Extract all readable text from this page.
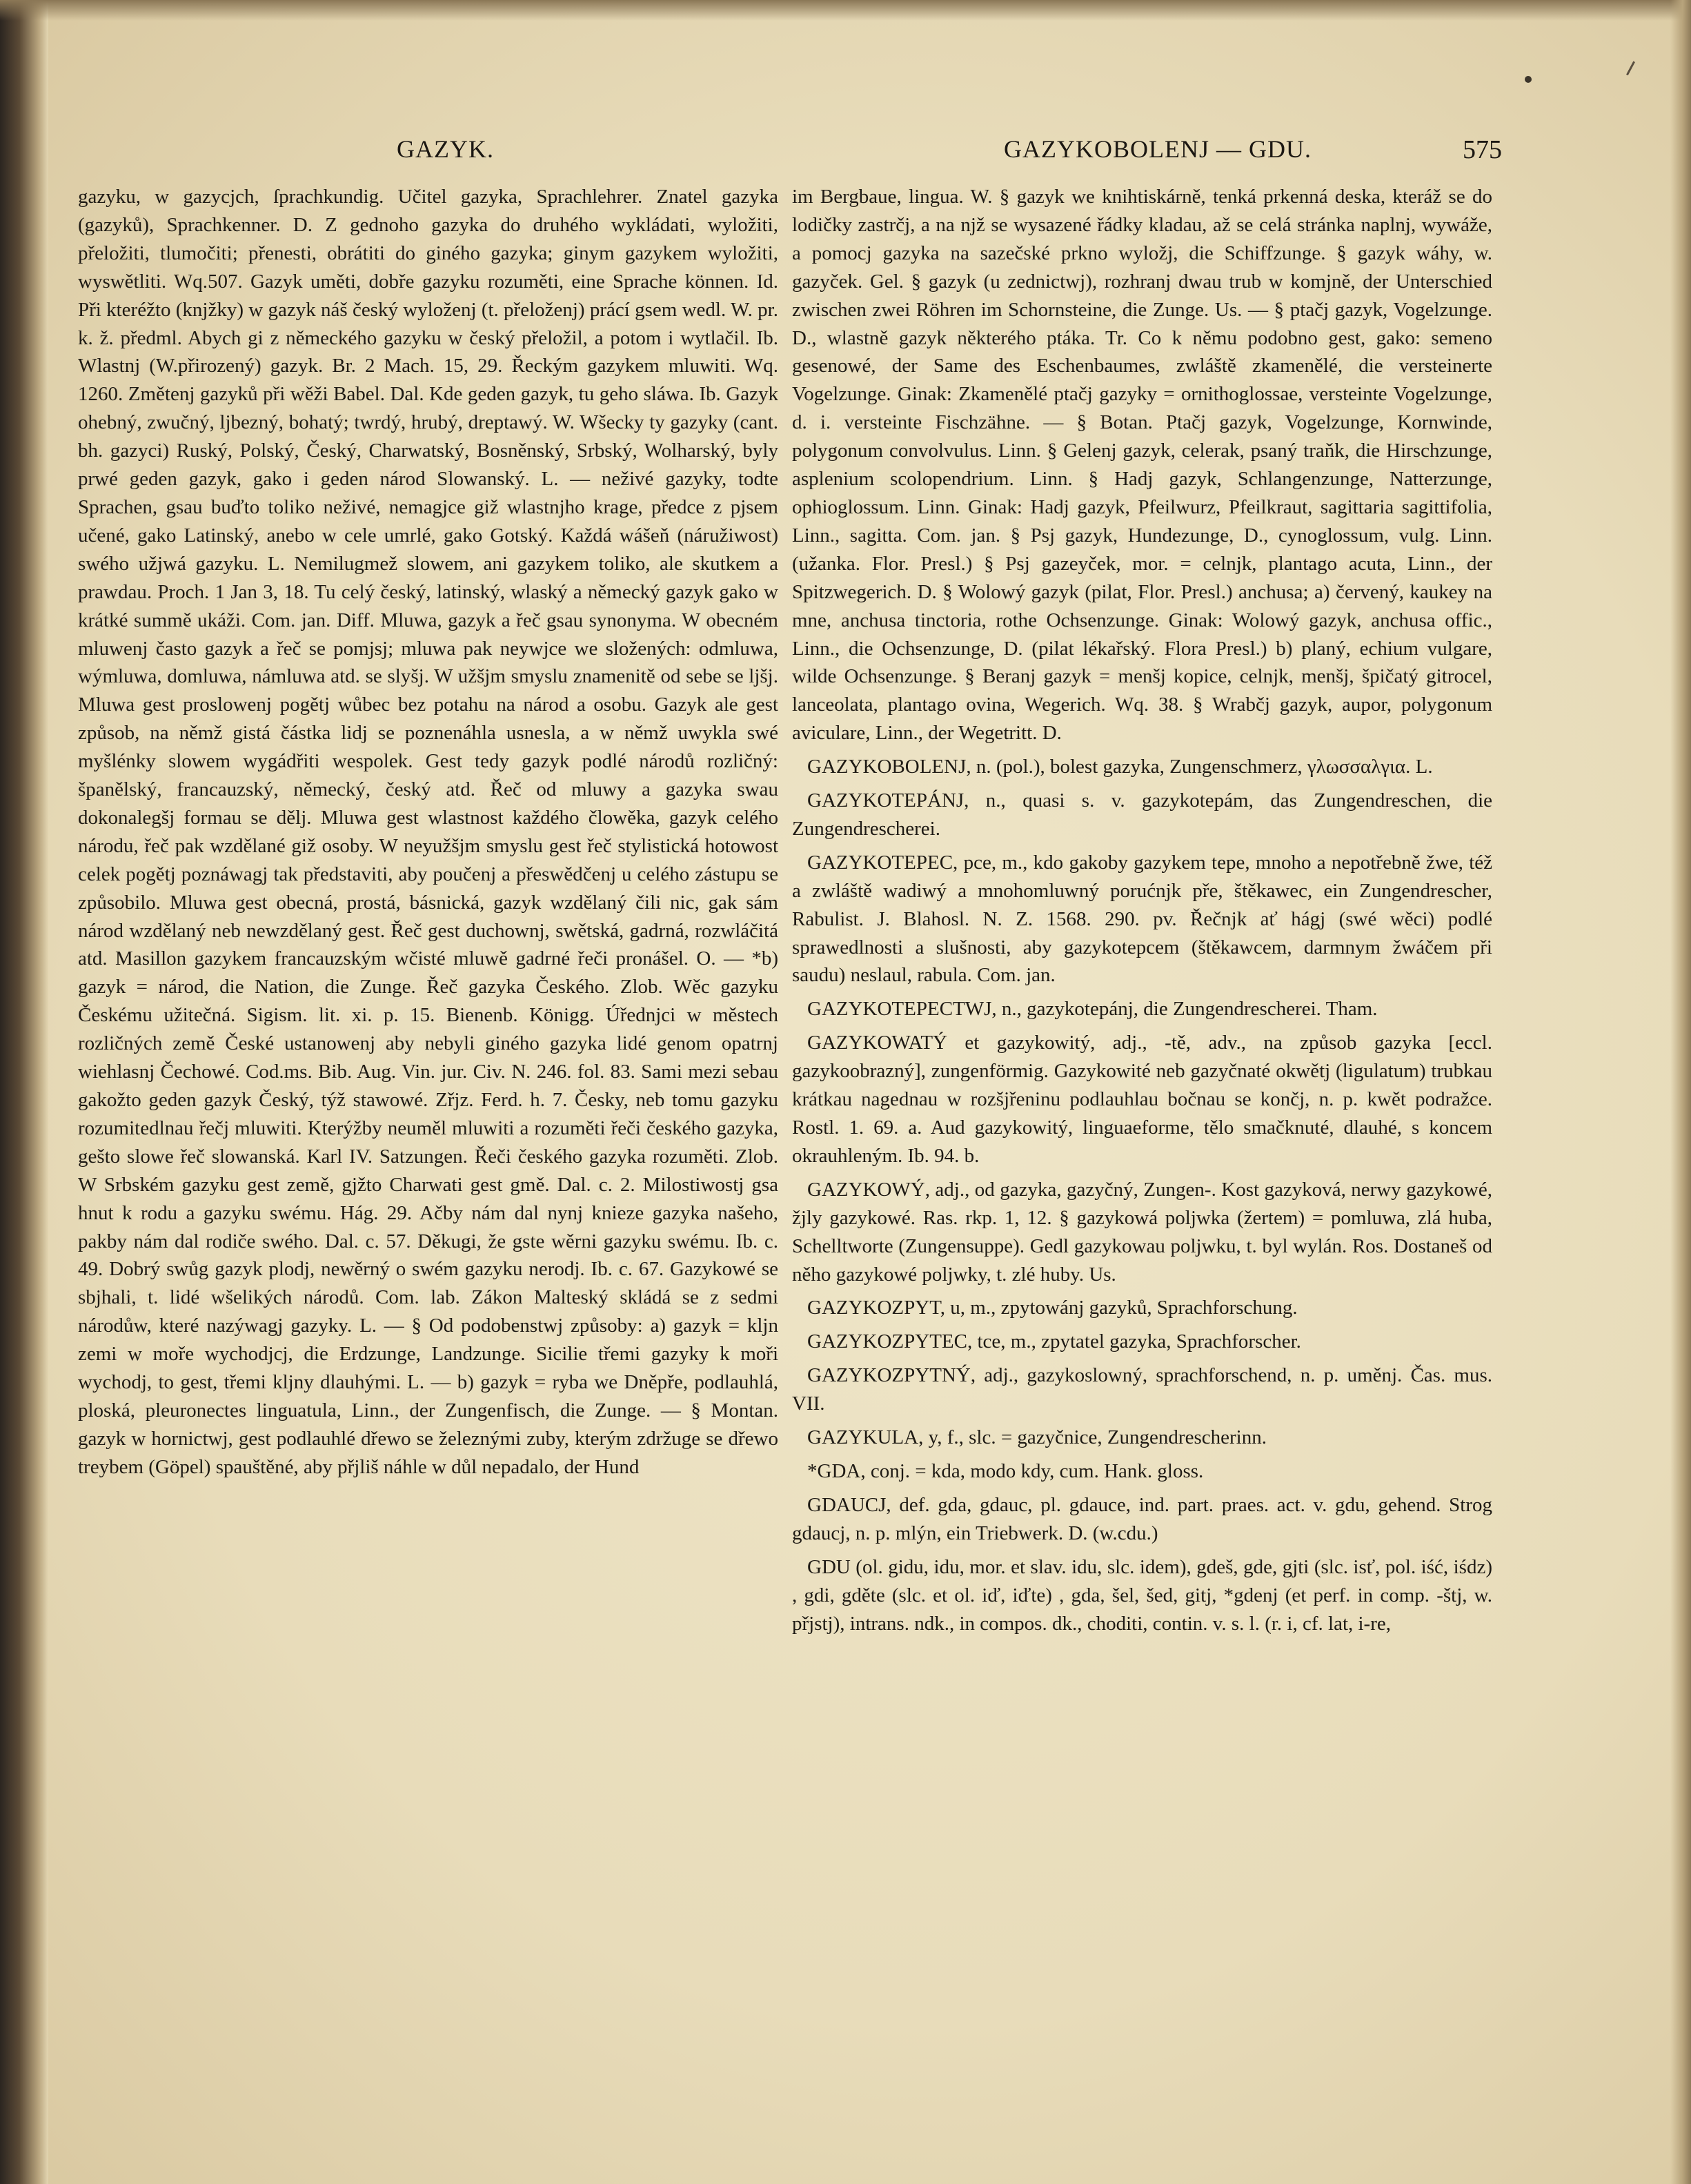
GAZYK.	GAZYKOBOLENJ — GDU.	575

gazyku, w gazycjch, ſprachkundig. Učitel gazyka, Sprachlehrer. Znatel gazyka (gazyků), Sprachkenner. D. Z gednoho gazyka do druhého wykládati, wyložiti, přeložiti, tlumočiti; přenesti, obrátiti do giného gazyka; ginym gazykem wyložiti, wyswětliti. Wq.507. Gazyk uměti, dobře gazyku rozuměti, eine Sprache können. Id. Při kteréžto (knjžky) w gazyk náš český wyloženj (t. přeloženj) prácí gsem wedl. W. pr. k. ž. předml. Abych gi z německého gazyku w český přeložil, a potom i wytlačil. Ib. Wlastnj (W.přirozený) gazyk. Br. 2 Mach. 15, 29. Řeckým gazykem mluwiti. Wq. 1260. Změtenj gazyků při wěži Babel. Dal. Kde geden gazyk, tu geho sláwa. Ib. Gazyk ohebný, zwučný, ljbezný, bohatý; twrdý, hrubý, dreptawý. W. Wšecky ty gazyky (cant. bh. gazyci) Ruský, Polský, Český, Charwatský, Bosněnský, Srbský, Wolharský, byly prwé geden gazyk, gako i geden národ Slowanský. L. — neživé gazyky, todte Sprachen, gsau buďto toliko neživé, nemagjce giž wlastnjho krage, předce z pjsem učené, gako Latinský, anebo w cele umrlé, gako Gotský. Každá wášeň (náružiwost) swého užjwá gazyku. L. Nemilugmež slowem, ani gazykem toliko, ale skutkem a prawdau. Proch. 1 Jan 3, 18. Tu celý český, latinský, wlaský a německý gazyk gako w krátké summě ukáži. Com. jan. Diff. Mluwa, gazyk a řeč gsau synonyma. W obecném mluwenj často gazyk a řeč se pomjsj; mluwa pak neywjce we složených: odmluwa, wýmluwa, domluwa, námluwa atd. se slyšj. W užšjm smyslu znamenitě od sebe se ljšj. Mluwa gest proslowenj pogětj wůbec bez potahu na národ a osobu. Gazyk ale gest způsob, na němž gistá částka lidj se poznenáhla usnesla, a w němž uwykla swé myšlénky slowem wygádřiti wespolek. Gest tedy gazyk podlé národů rozličný: španělský, francauzský, německý, český atd. Řeč od mluwy a gazyka swau dokonalegšj formau se dělj. Mluwa gest wlastnost každého člowěka, gazyk celého národu, řeč pak wzdělané giž osoby. W neyužšjm smyslu gest řeč stylistická hotowost celek pogětj poznáwagj tak představiti, aby poučenj a přeswědčenj u celého zástupu se způsobilo. Mluwa gest obecná, prostá, básnická, gazyk wzdělaný čili nic, gak sám národ wzdělaný neb newzdělaný gest. Řeč gest duchownj, swětská, gadrná, rozwláčitá atd. Masillon gazykem francauzským wčisté mluwě gadrné řeči pronášel. O. — *b) gazyk = národ, die Nation, die Zunge. Řeč gazyka Českého. Zlob. Wěc gazyku Českému užitečná. Sigism. lit. xi. p. 15. Bienenb. Königg. Úřednjci w městech rozličných země České ustanowenj aby nebyli giného gazyka lidé genom opatrnj wiehlasnj Čechowé. Cod.ms. Bib. Aug. Vin. jur. Civ. N. 246. fol. 83. Sami mezi sebau gakožto geden gazyk Český, týž stawowé. Zřjz. Ferd. h. 7. Česky, neb tomu gazyku rozumitedlnau řečj mluwiti. Kterýžby neuměl mluwiti a rozuměti řeči českého gazyka, geštо slowe řeč slowanská. Karl IV. Satzungen. Řeči českého gazyka rozuměti. Zlob. W Srbském gazyku gest země, gjžto Charwati gest gmě. Dal. c. 2. Milostiwostj gsa hnut k rodu a gazyku swému. Hág. 29. Ačby nám dal nynj knieze gazyka našeho, pakby nám dal rodiče swého. Dal. c. 57. Děkugi, že gste wěrni gazyku swému. Ib. c. 49. Dobrý swůg gazyk plodj, newěrný o swém gazyku nerodj. Ib. c. 67. Gazykowé se sbjhali, t. lidé wšelikých národů. Com. lab. Zákon Maltеský skládá se z sedmi národůw, které nazýwagj gazyky. L. — § Od podobenstwj způsoby: a) gazyk = kljn zemi w moře wychodjcj, die Erdzunge, Landzunge. Sicilie třemi gazyky k moři wychodj, to gest, třemi kljny dlauhými. L. — b) gazyk = ryba we Dněpře, podlauhlá, ploská, pleuronectes linguatula, Linn., der Zungenfisch, die Zunge. — § Montan. gazyk w hornictwj, gest podlauhlé dřewo se železnými zuby, kterým zdržuge se dřewo treybem (Göpel) spauštěné, aby přjliš náhle w důl nepadalo, der Hund

im Bergbaue, lingua. W. § gazyk we knihtiskárně, tenká prkenná deska, kteráž se do lodičky zastrčj, a na njž se wysazené řádky kladau, až se celá stránka naplnj, wywáže, a pomocj gazyka na sazečské prkno wyložj, die Schiffzunge. § gazyk wáhy, w. gazyček. Gel. § gazyk (u zednictwj), rozhranj dwau trub w komjně, der Unterschied zwischen zwei Röhren im Schornsteine, die Zunge. Us. — § ptačj gazyk, Vogelzunge. D., wlastně gazyk některého ptáka. Tr. Co k němu podobno gest, gako: semeno gesenowé, der Same des Eschenbaumes, zwláště zkamenělé, die versteinerte Vogelzunge. Ginak: Zkamenělé ptačj gazyky = ornithoglossae, versteinte Vogelzunge, d. i. versteinte Fischzähne. — § Botan. Ptačj gazyk, Vogelzunge, Kornwinde, polygonum convolvulus. Linn. § Gelenj gazyk, celerak, psaný traňk, die Hirschzunge, asplenium scolopendrium. Linn. § Hadj gazyk, Schlangenzunge, Natterzunge, ophioglossum. Linn. Ginak: Hadj gazyk, Pfeilwurz, Pfeilkraut, sagittaria sagittifolia, Linn., sagitta. Com. jan. § Psj gazyk, Hundezunge, D., cynoglossum, vulg. Linn. (užanka. Flor. Presl.) § Psj gazeyček, mor. = celnjk, plantago acuta, Linn., der Spitzwegerich. D. § Wolowý gazyk (pilat, Flor. Presl.) anchusa; a) červený, kaukey na mne, anchusa tinctoria, rothe Ochsenzunge. Ginak: Wolowý gazyk, anchusa offic., Linn., die Ochsenzunge, D. (pilat lékařský. Flora Presl.) b) planý, echium vulgare, wilde Ochsenzunge. § Beranj gazyk = menšj kopice, celnjk, menšj, špičatý gitrocel, lanceolata, plantago ovina, Wegerich. Wq. 38. § Wrabčj gazyk, aupor, polygonum aviculare, Linn., der Wegetritt. D.

GAZYKOBOLENJ, n. (pol.), bolest gazyka, Zungenschmerz, γλωσσαλγια. L.

GAZYKOTEPÁNJ, n., quasi s. v. gazykotepám, das Zungendreschen, die Zungendrescherei.

GAZYKOTEPEC, pce, m., kdo gakoby gazykem tepe, mnoho a nepotřebně žwe, též a zwláště wadiwý a mnohomluwný porućnjk pře, štěkawec, ein Zungendrescher, Rabulist. J. Blahosl. N. Z. 1568. 290. pv. Řečnjk ať hágj (swé wěci) podlé sprawedlnosti a slušnosti, aby gazykotepcem (štěkawcem, darmnym žwáčem při saudu) neslaul, rabula. Com. jan.

GAZYKOTEPECTWJ, n., gazykotepánj, die Zungendrescherei. Tham.

GAZYKOWATÝ et gazykowitý, adj., -tě, adv., na způsob gazyka [eccl. gazykoobrazný], zungenförmig. Gazykowité neb gazyčnaté okwětj (ligulatum) trubkau krátkau nagednau w rozšjřeninu podlauhlau bočnau se končj, n. p. kwět podražce. Rostl. 1. 69. a. Aud gazykowitý, linguaeforme, tělo smačknuté, dlauhé, s koncem okrauhleným. Ib. 94. b.

GAZYKOWÝ, adj., od gazyka, gazyčný, Zungen-. Kost gazyková, nerwy gazykowé, žjly gazykowé. Ras. rkp. 1, 12. § gazykowá poljwka (žertem) = pomluwa, zlá huba, Schelltworte (Zungensuppe). Gedl gazykowau poljwku, t. byl wylán. Ros. Dostaneš od něho gazykowé poljwky, t. zlé huby. Us.

GAZYKOZPYT, u, m., zpytowánj gazyků, Sprachforschung.

GAZYKOZPYTEC, tce, m., zpytatel gazyka, Sprachforscher.

GAZYKOZPYTNÝ, adj., gazykoslowný, sprachforschend, n. p. uměnj. Čas. mus. VII.

GAZYKULA, y, f., slc. = gazyčnice, Zungendrescherinn.

*GDA, conj. = kda, modo kdy, cum. Hank. gloss.

GDAUCJ, def. gda, gdauc, pl. gdauce, ind. part. praes. act. v. gdu, gehend. Strog gdaucj, n. p. mlýn, ein Triebwerk. D. (w.cdu.)

GDU (ol. gidu, idu, mor. et slav. idu, slc. idem), gdeš, gde, gjti (slc. isť, pol. iść, iśdz) , gdi, gděte (slc. et ol. iď, iďte) , gda, šel, šed, gitj, *gdenj (et perf. in comp. -štj, w. přjstj), intrans. ndk., in compos. dk., choditi, contin. v. s. l. (r. i, cf. lat, i-re,
